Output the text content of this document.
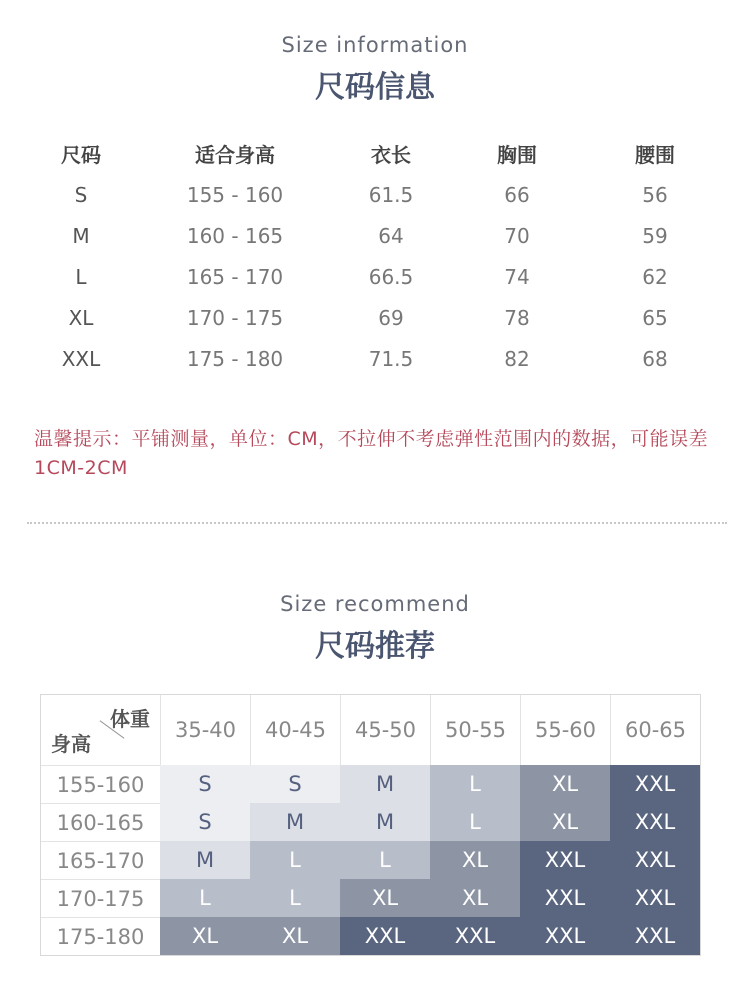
Size information
尺码信息
尺码	适合身高	衣长	胸围	腰围
S	155 - 160	61.5	66	56
M	160 - 165	64	70	59
L	165 - 170	66.5	74	62
XL	170 - 175	69	78	65
XXL	175 - 180	71.5	82	68
温馨提示：平铺测量，单位：CM，不拉伸不考虑弹性范围内的数据，可能误差1CM-2CM
Size recommend
尺码推荐
体重
身高
35-40	40-45	45-50	50-55	55-60	60-65
155-160	S	S	M	L	XL	XXL
160-165	S	M	M	L	XL	XXL
165-170	M	L	L	XL	XXL	XXL
170-175	L	L	XL	XL	XXL	XXL
175-180	XL	XL	XXL	XXL	XXL	XXL
